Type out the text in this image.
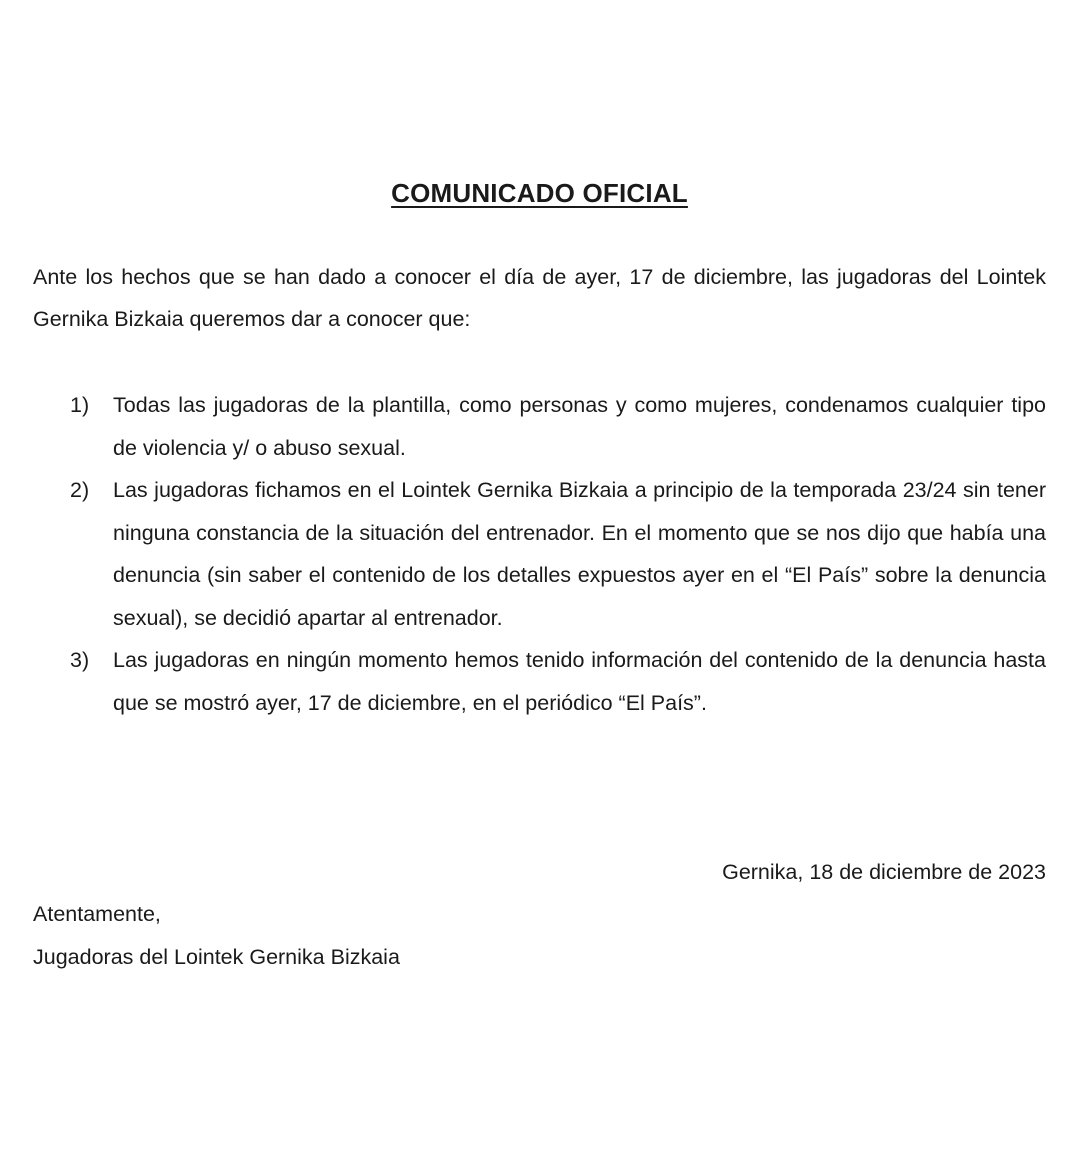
COMUNICADO OFICIAL

Ante los hechos que se han dado a conocer el día de ayer, 17 de diciembre, las jugadoras del Lointek Gernika Bizkaia queremos dar a conocer que:

1) Todas las jugadoras de la plantilla, como personas y como mujeres, condenamos cualquier tipo de violencia y/ o abuso sexual.
2) Las jugadoras fichamos en el Lointek Gernika Bizkaia a principio de la temporada 23/24 sin tener ninguna constancia de la situación del entrenador. En el momento que se nos dijo que había una denuncia (sin saber el contenido de los detalles expuestos ayer en el “El País” sobre la denuncia sexual), se decidió apartar al entrenador.
3) Las jugadoras en ningún momento hemos tenido información del contenido de la denuncia hasta que se mostró ayer, 17 de diciembre, en el periódico “El País”.
Gernika, 18 de diciembre de 2023
Atentamente,
Jugadoras del Lointek Gernika Bizkaia
